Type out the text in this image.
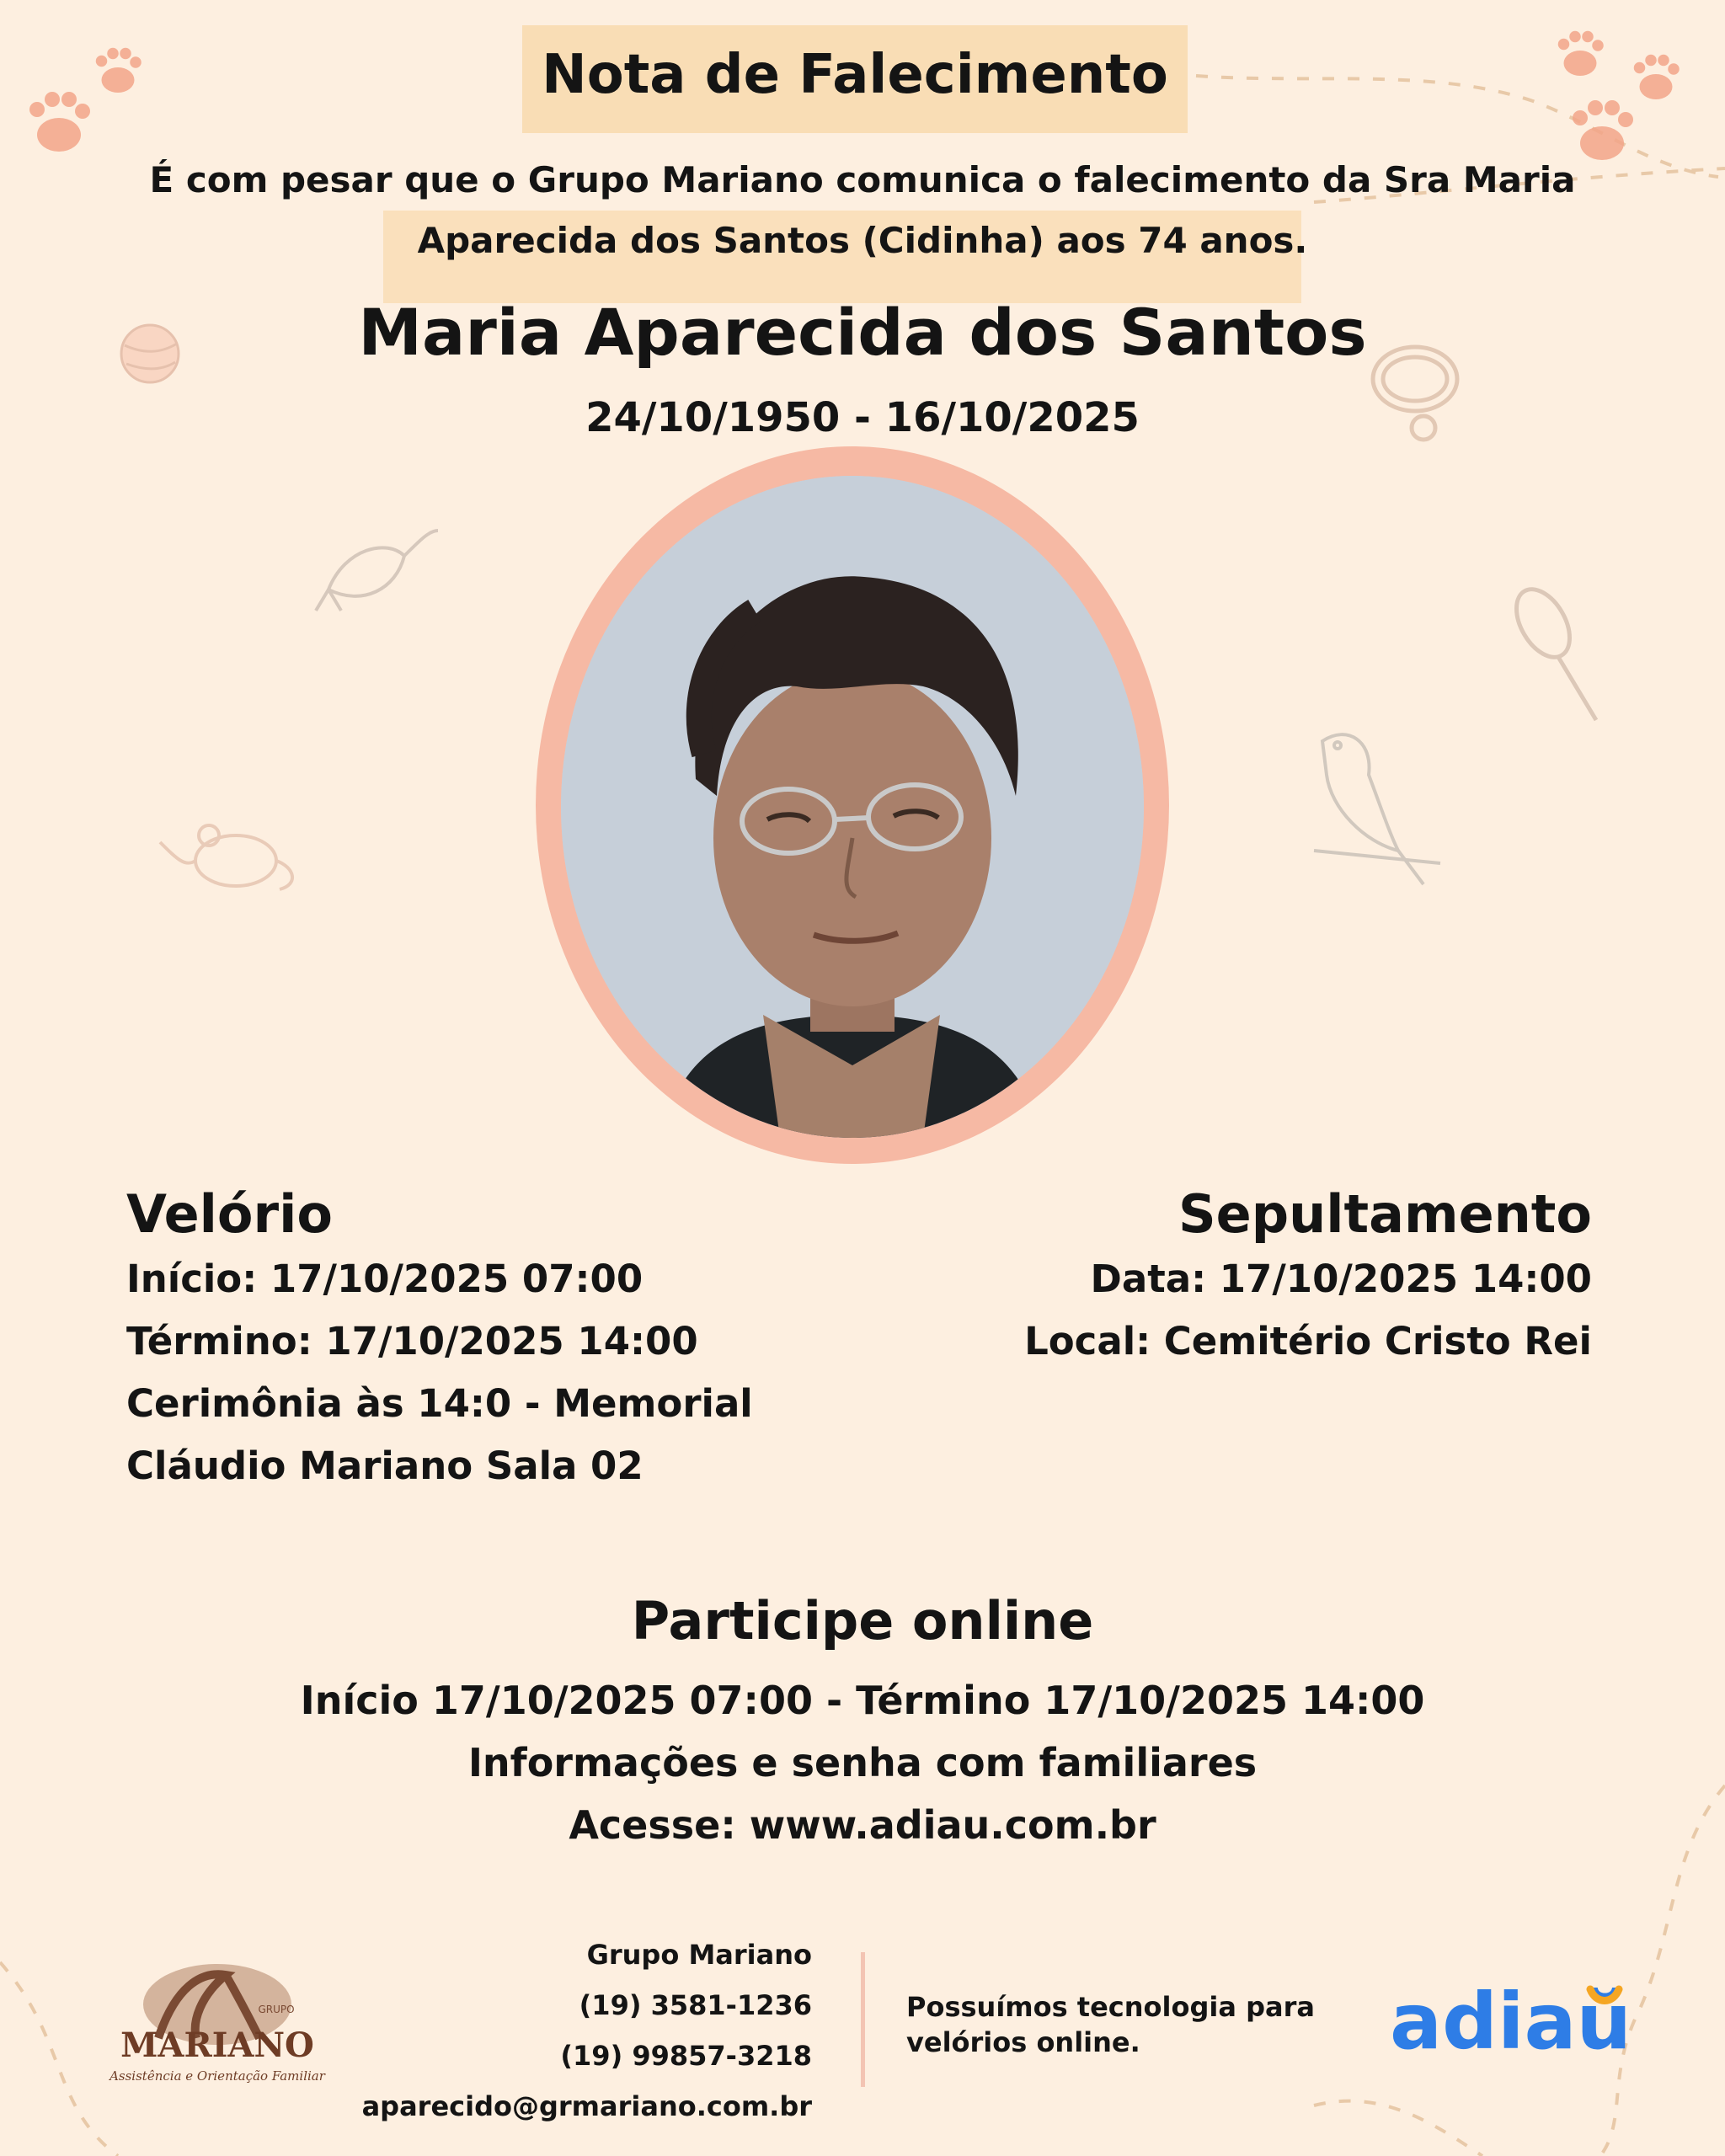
Nota de Falecimento

É com pesar que o Grupo Mariano comunica o falecimento da Sra Maria
Aparecida dos Santos (Cidinha) aos 74 anos.

Maria Aparecida dos Santos
24/10/1950 - 16/10/2025
Velório
Início: 17/10/2025 07:00
Término: 17/10/2025 14:00
Cerimônia às 14:0 - Memorial
Cláudio Mariano Sala 02
Sepultamento
Data: 17/10/2025 14:00
Local: Cemitério Cristo Rei
Participe online
Início 17/10/2025 07:00 - Término 17/10/2025 14:00
Informações e senha com familiares
Acesse: www.adiau.com.br
GRUPO
MARIANO
Assistência e Orientação Familiar
Grupo Mariano
(19) 3581-1236
(19) 99857-3218
aparecido@grmariano.com.br
Possuímos tecnologia para velórios online.	adiaŭ
